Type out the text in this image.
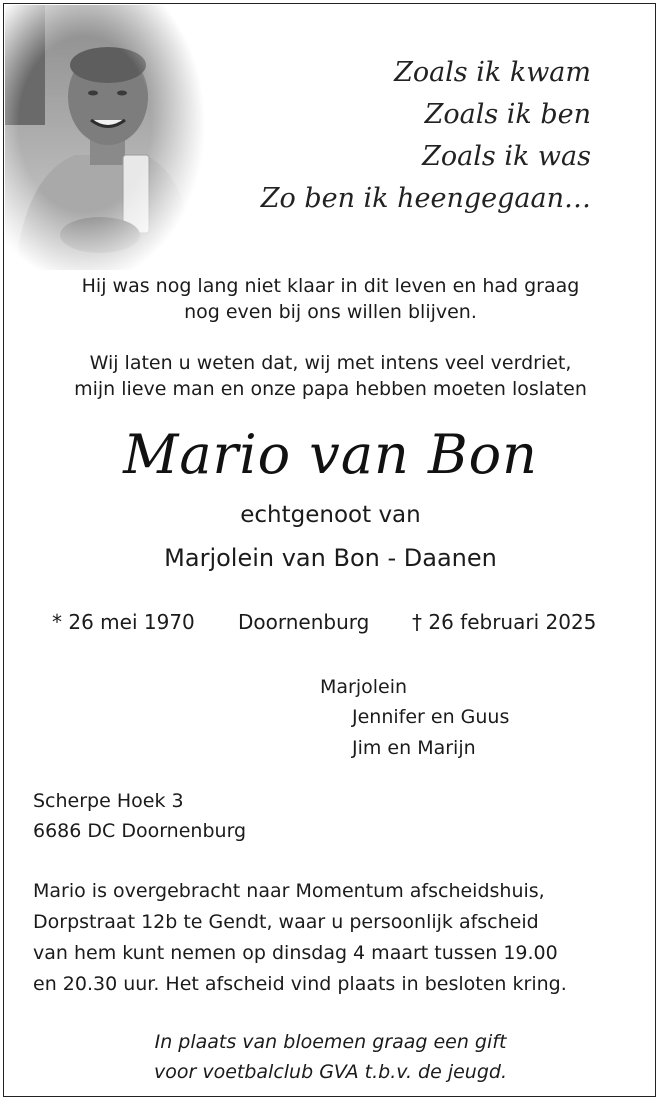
Zoals ik kwam
Zoals ik ben
Zoals ik was
Zo ben ik heengegaan…
Hij was nog lang niet klaar in dit leven en had graag
nog even bij ons willen blijven.
Wij laten u weten dat, wij met intens veel verdriet,
mijn lieve man en onze papa hebben moeten loslaten
Mario van Bon
echtgenoot van
Marjolein van Bon - Daanen
* 26 mei 1970 Doornenburg † 26 februari 2025
Marjolein
Jennifer en Guus
Jim en Marijn
Scherpe Hoek 3
6686 DC Doornenburg
Mario is overgebracht naar Momentum afscheidshuis,
Dorpstraat 12b te Gendt, waar u persoonlijk afscheid
van hem kunt nemen op dinsdag 4 maart tussen 19.00
en 20.30 uur. Het afscheid vind plaats in besloten kring.
In plaats van bloemen graag een gift
voor voetbalclub GVA t.b.v. de jeugd.
